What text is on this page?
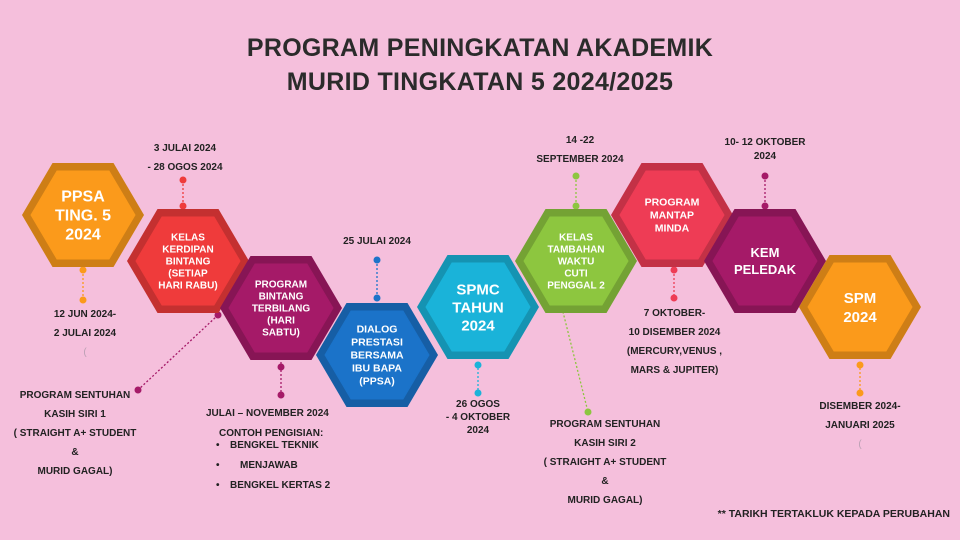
PROGRAM PENINGKATAN AKADEMIK
MURID TINGKATAN 5 2024/2025
PPSA
TING. 5
2024	KELAS
KERDIPAN
BINTANG
(SETIAP
HARI RABU)	PROGRAM
BINTANG
TERBILANG
(HARI
SABTU)	DIALOG
PRESTASI
BERSAMA
IBU BAPA
(PPSA)
SPMC
TAHUN
2024
KELAS
TAMBAHAN
WAKTU
CUTI
PENGGAL 2
PROGRAM
MANTAP
MINDA
KEM
PELEDAK
SPM
2024
3 JULAI 2024
- 28 OGOS 2024
12 JUN 2024-
2 JULAI 2024
(
25 JULAI 2024
26 OGOS
- 4 OKTOBER
2024
14 -22
SEPTEMBER 2024
7 OKTOBER-
10 DISEMBER 2024
(MERCURY,VENUS ,
MARS & JUPITER)
10- 12 OKTOBER
2024
DISEMBER 2024-
JANUARI 2025
(
JULAI – NOVEMBER 2024
CONTOH PENGISIAN:
• BENGKEL TEKNIK
• MENJAWAB
• BENGKEL KERTAS 2
PROGRAM SENTUHAN
KASIH SIRI 1
( STRAIGHT A+ STUDENT
&
MURID GAGAL)
PROGRAM SENTUHAN
KASIH SIRI 2
( STRAIGHT A+ STUDENT
&
MURID GAGAL)
** TARIKH TERTAKLUK KEPADA PERUBAHAN
